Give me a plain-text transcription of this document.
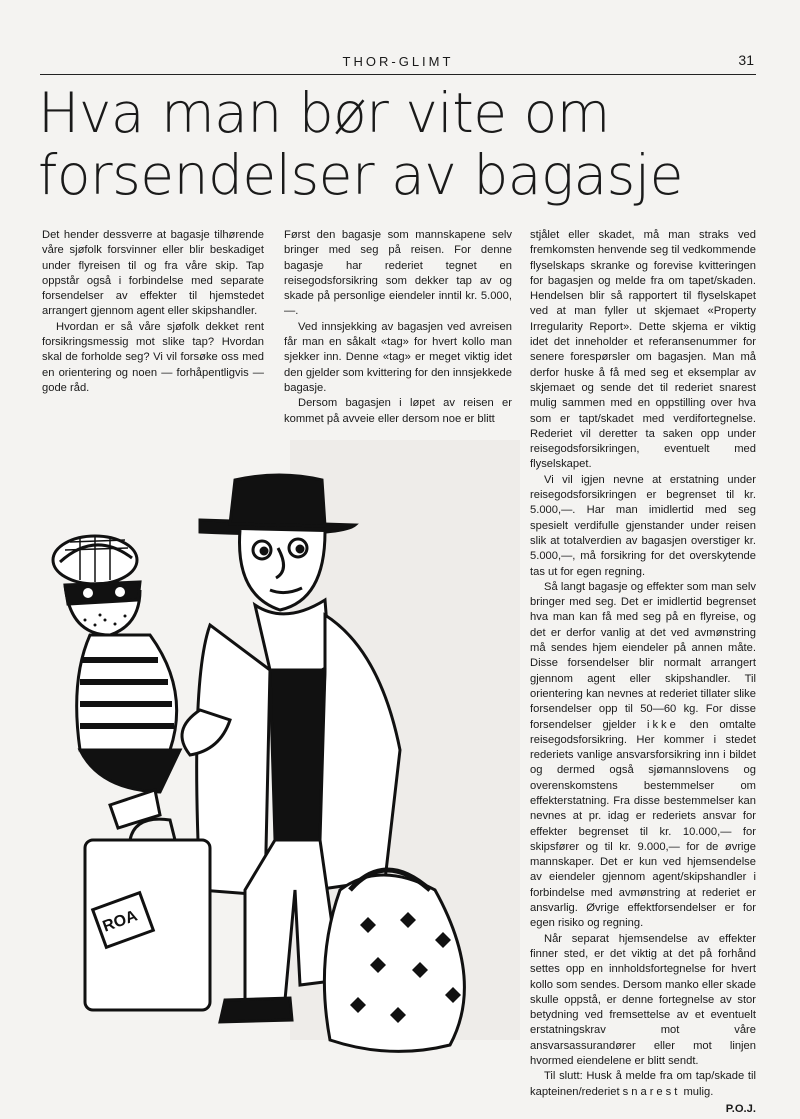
THOR-GLIMT	31
Hva man bør vite om forsendelser av bagasje

Det hender dessverre at bagasje tilhørende våre sjøfolk forsvinner eller blir beskadiget under flyreisen til og fra våre skip. Tap oppstår også i forbindelse med separate forsendelser av effekter til hjemstedet arrangert gjennom agent eller skipshandler.

Hvordan er så våre sjøfolk dekket rent forsikringsmessig mot slike tap? Hvordan skal de forholde seg? Vi vil forsøke oss med en orientering og noen — forhåpentligvis — gode råd.

Først den bagasje som mannskapene selv bringer med seg på reisen. For denne bagasje har rederiet tegnet en reisegodsforsikring som dekker tap av og skade på personlige eiendeler inntil kr. 5.000,—.

Ved innsjekking av bagasjen ved avreisen får man en såkalt «tag» for hvert kollo man sjekker inn. Denne «tag» er meget viktig idet den gjelder som kvittering for den innsjekkede bagasje.

Dersom bagasjen i løpet av reisen er kommet på avveie eller dersom noe er blitt

stjålet eller skadet, må man straks ved fremkomsten henvende seg til vedkommende flyselskaps skranke og forevise kvitteringen for bagasjen og melde fra om tapet/skaden. Hendelsen blir så rapportert til flyselskapet ved at man fyller ut skjemaet «Property Irregularity Report». Dette skjema er viktig idet det inneholder et referansenummer for senere forespørsler om bagasjen. Man må derfor huske å få med seg et eksemplar av skjemaet og sende det til rederiet snarest mulig sammen med en oppstilling over hva som er tapt/skadet med verdifortegnelse. Rederiet vil deretter ta saken opp under reisegodsforsikringen, eventuelt med flyselskapet.

Vi vil igjen nevne at erstatning under reisegodsforsikringen er begrenset til kr. 5.000,—. Har man imidlertid med seg spesielt verdifulle gjenstander under reisen slik at totalverdien av bagasjen overstiger kr. 5.000,—, må forsikring for det overskytende tas ut for egen regning.

Så langt bagasje og effekter som man selv bringer med seg. Det er imidlertid begrenset hva man kan få med seg på en flyreise, og det er derfor vanlig at det ved avmønstring må sendes hjem eiendeler på annen måte. Disse forsendelser blir normalt arrangert gjennom agent eller skipshandler. Til orientering kan nevnes at rederiet tillater slike forsendelser opp til 50—60 kg. For disse forsendelser gjelder ikke den omtalte reisegodsforsikring. Her kommer i stedet rederiets vanlige ansvarsforsikring inn i bildet og dermed også sjømannslovens og overenskomstens bestemmelser om effekterstatning. Fra disse bestemmelser kan nevnes at pr. idag er rederiets ansvar for effekter begrenset til kr. 10.000,— for skipsfører og til kr. 9.000,— for de øvrige mannskaper. Det er kun ved hjemsendelse av eiendeler gjennom agent/skipshandler i forbindelse med avmønstring at rederiet er ansvarlig. Øvrige effektforsendelser er for egen risiko og regning.

Når separat hjemsendelse av effekter finner sted, er det viktig at det på forhånd settes opp en innholdsfortegnelse for hvert kollo som sendes. Dersom manko eller skade skulle oppstå, er denne fortegnelse av stor betydning ved fremsettelse av et eventuelt erstatningskrav mot våre ansvarsassurandører eller mot linjen hvormed eiendelene er blitt sendt.

Til slutt: Husk å melde fra om tap/skade til kapteinen/rederiet snarest mulig.

P.O.J.
ROA
